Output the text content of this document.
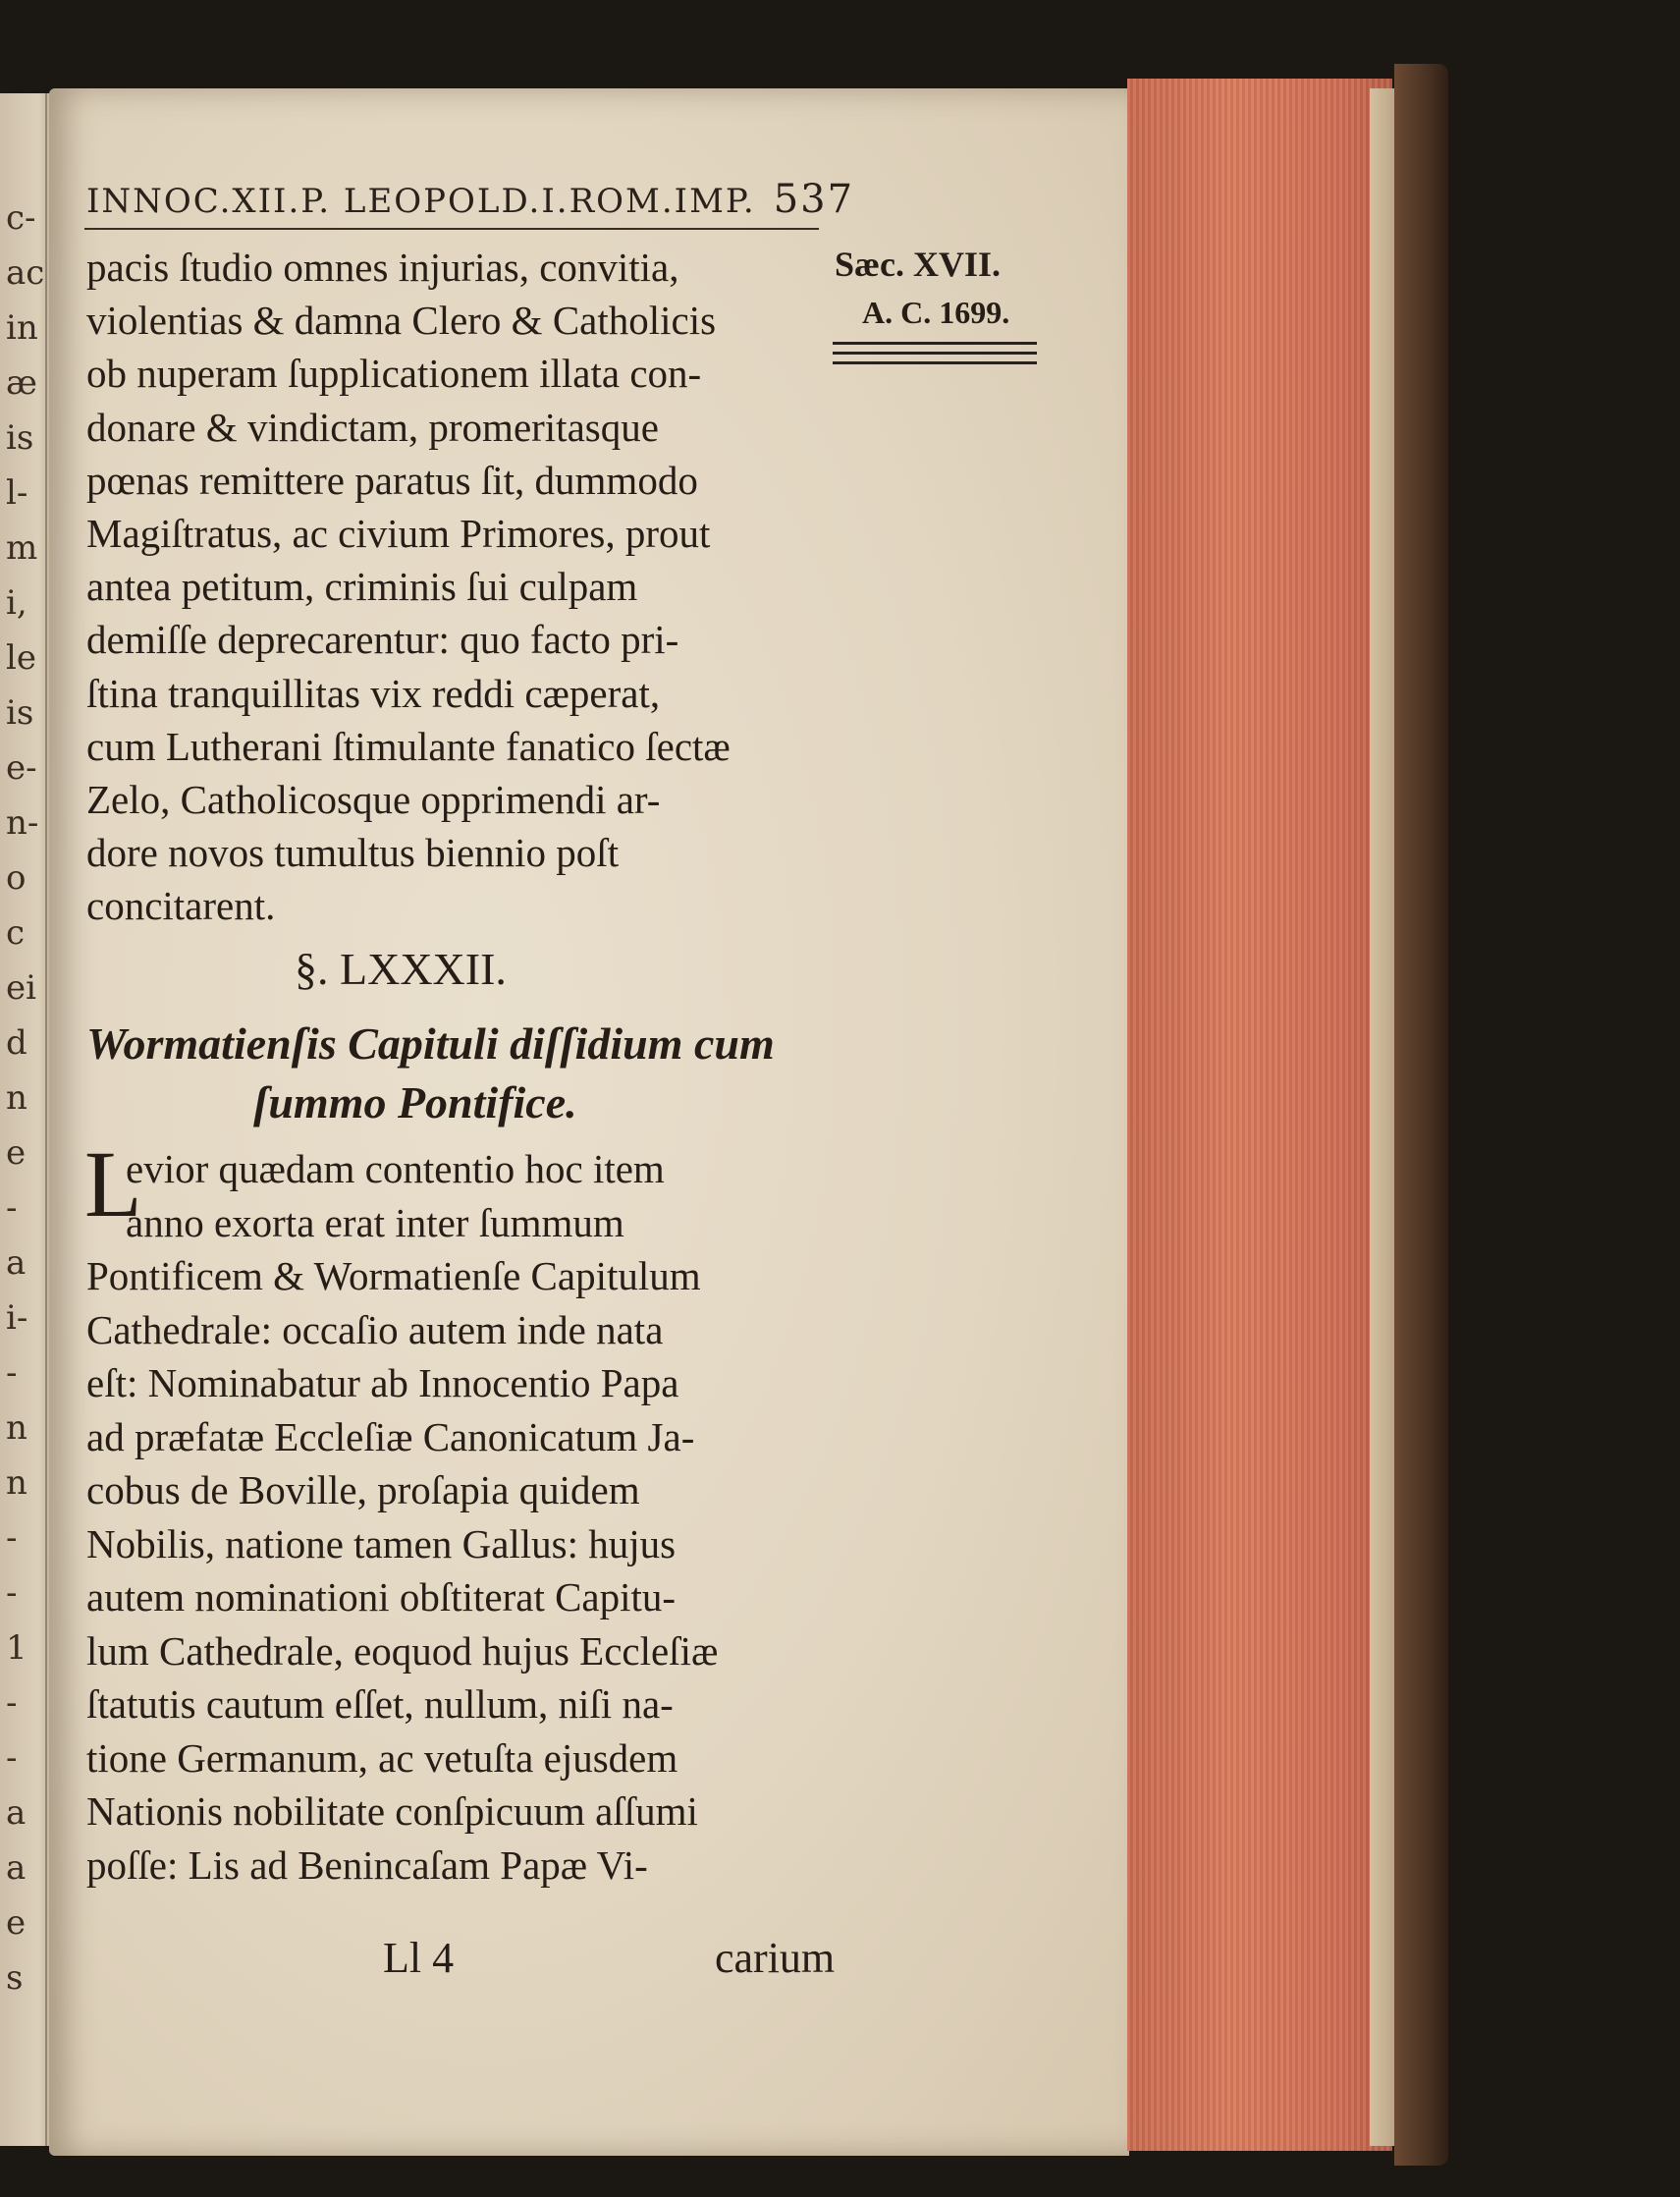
c-
ac
in
æ
is
l-
m
i,
le
is
e-
n-
o
c
ei
d
n
e
-
a
i-
-
n
n
-
-
1
-
-
a
a
e
s
INNOC.XII.P. LEOPOLD.I.ROM.IMP. 537
Sæc. XVII.
A. C. 1699.
pacis ſtudio omnes injurias, convitia,
violentias & damna Clero & Catholicis
ob nuperam ſupplicationem illata con-
donare & vindictam, promeritasque
pœnas remittere paratus ſit, dummodo
Magiſtratus, ac civium Primores, prout
antea petitum, criminis ſui culpam
demiſſe deprecarentur: quo facto pri-
ſtina tranquillitas vix reddi cæperat,
cum Lutherani ſtimulante fanatico ſectæ
Zelo, Catholicosque opprimendi ar-
dore novos tumultus biennio poſt
concitarent.
§. LXXXII.
Wormatienſis Capituli diſſidium cum
ſummo Pontifice.
L
evior quædam contentio hoc item
anno exorta erat inter ſummum
Pontificem & Wormatienſe Capitulum
Cathedrale: occaſio autem inde nata
eſt: Nominabatur ab Innocentio Papa
ad præfatæ Eccleſiæ Canonicatum Ja-
cobus de Boville, proſapia quidem
Nobilis, natione tamen Gallus: hujus
autem nominationi obſtiterat Capitu-
lum Cathedrale, eoquod hujus Eccleſiæ
ſtatutis cautum eſſet, nullum, niſi na-
tione Germanum, ac vetuſta ejusdem
Nationis nobilitate conſpicuum aſſumi
poſſe: Lis ad Benincaſam Papæ Vi-
Ll 4	carium
